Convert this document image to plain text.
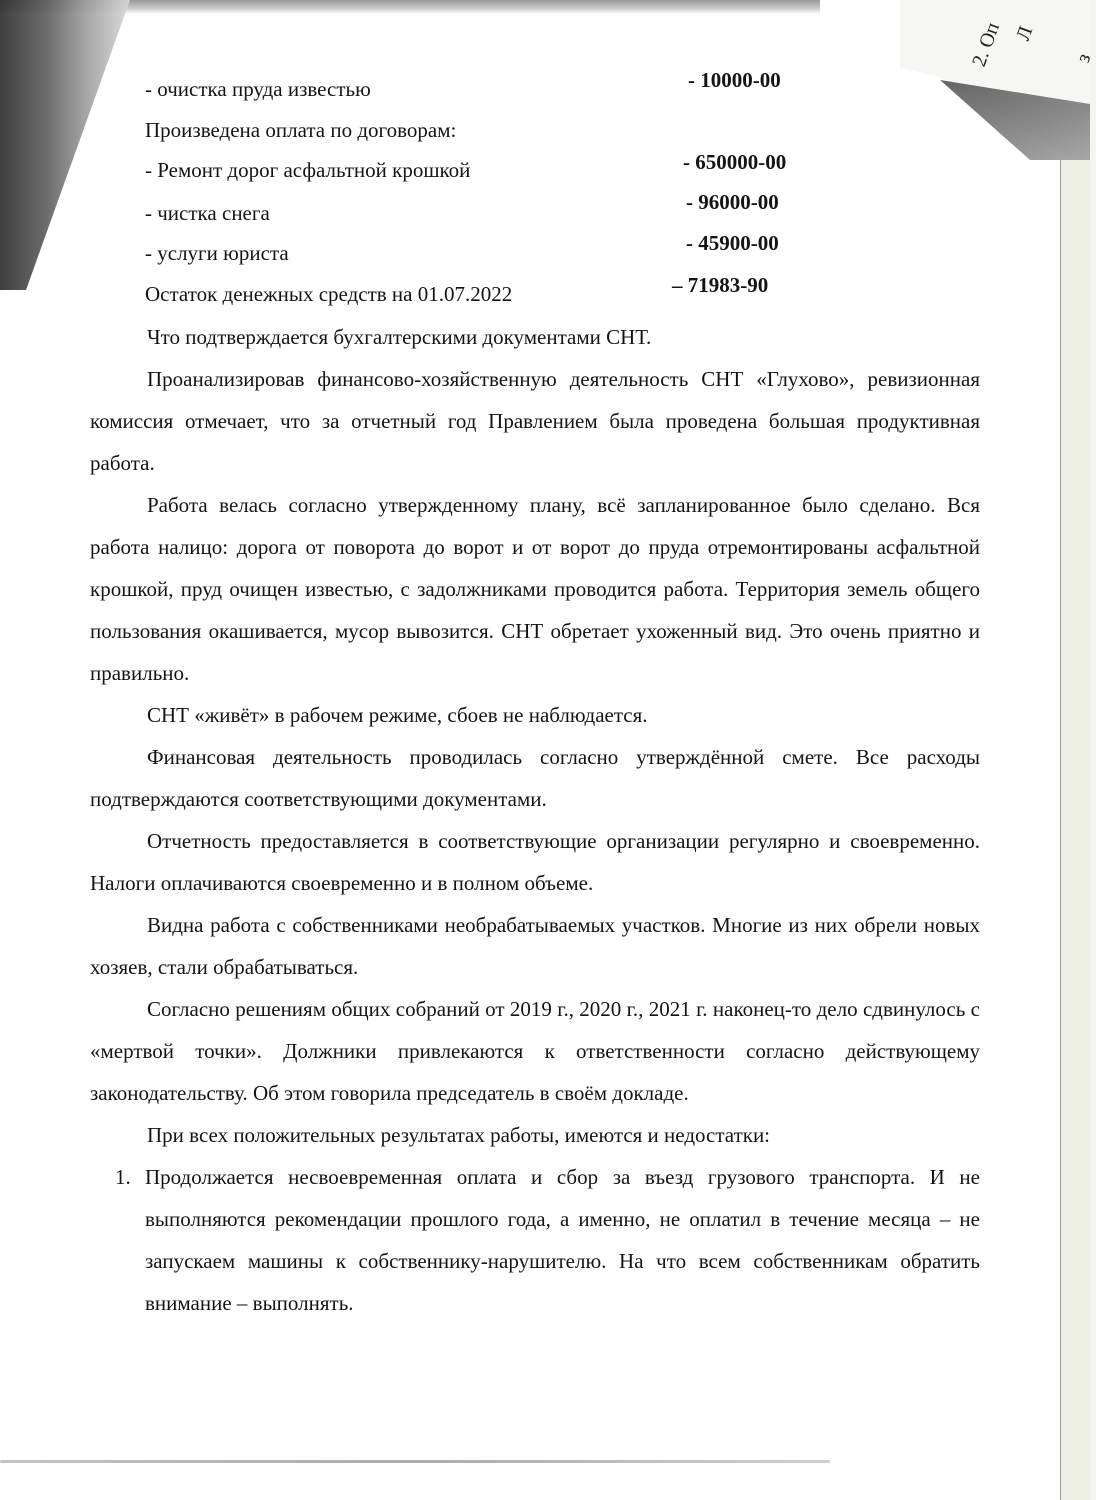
2. Оп Л
з
- очистка пруда известью	- 10000-00
Произведена оплата по договорам:
- Ремонт дорог асфальтной крошкой	- 650000-00
- чистка снега	- 96000-00
- услуги юриста	- 45900-00
Остаток денежных средств на 01.07.2022	– 71983-90
Что подтверждается бухгалтерскими документами СНТ.
Проанализировав финансово-хозяйственную деятельность СНТ «Глухово», ревизионная комиссия отмечает, что за отчетный год Правлением была проведена большая продуктивная работа.
Работа велась согласно утвержденному плану, всё запланированное было сделано. Вся работа налицо: дорога от поворота до ворот и от ворот до пруда отремонтированы асфальтной крошкой, пруд очищен известью, с задолжниками проводится работа. Территория земель общего пользования окашивается, мусор вывозится. СНТ обретает ухоженный вид. Это очень приятно и правильно.
СНТ «живёт» в рабочем режиме, сбоев не наблюдается.
Финансовая деятельность проводилась согласно утверждённой смете. Все расходы подтверждаются соответствующими документами.
Отчетность предоставляется в соответствующие организации регулярно и своевременно. Налоги оплачиваются своевременно и в полном объеме.
Видна работа с собственниками необрабатываемых участков. Многие из них обрели новых хозяев, стали обрабатываться.
Согласно решениям общих собраний от 2019 г., 2020 г., 2021 г. наконец-то дело сдвинулось с «мертвой точки». Должники привлекаются к ответственности согласно действующему законодательству. Об этом говорила председатель в своём докладе.
При всех положительных результатах работы, имеются и недостатки:
1. Продолжается несвоевременная оплата и сбор за въезд грузового транспорта. И не выполняются рекомендации прошлого года, а именно, не оплатил в течение месяца – не запускаем машины к собственнику-нарушителю. На что всем собственникам обратить внимание – выполнять.
